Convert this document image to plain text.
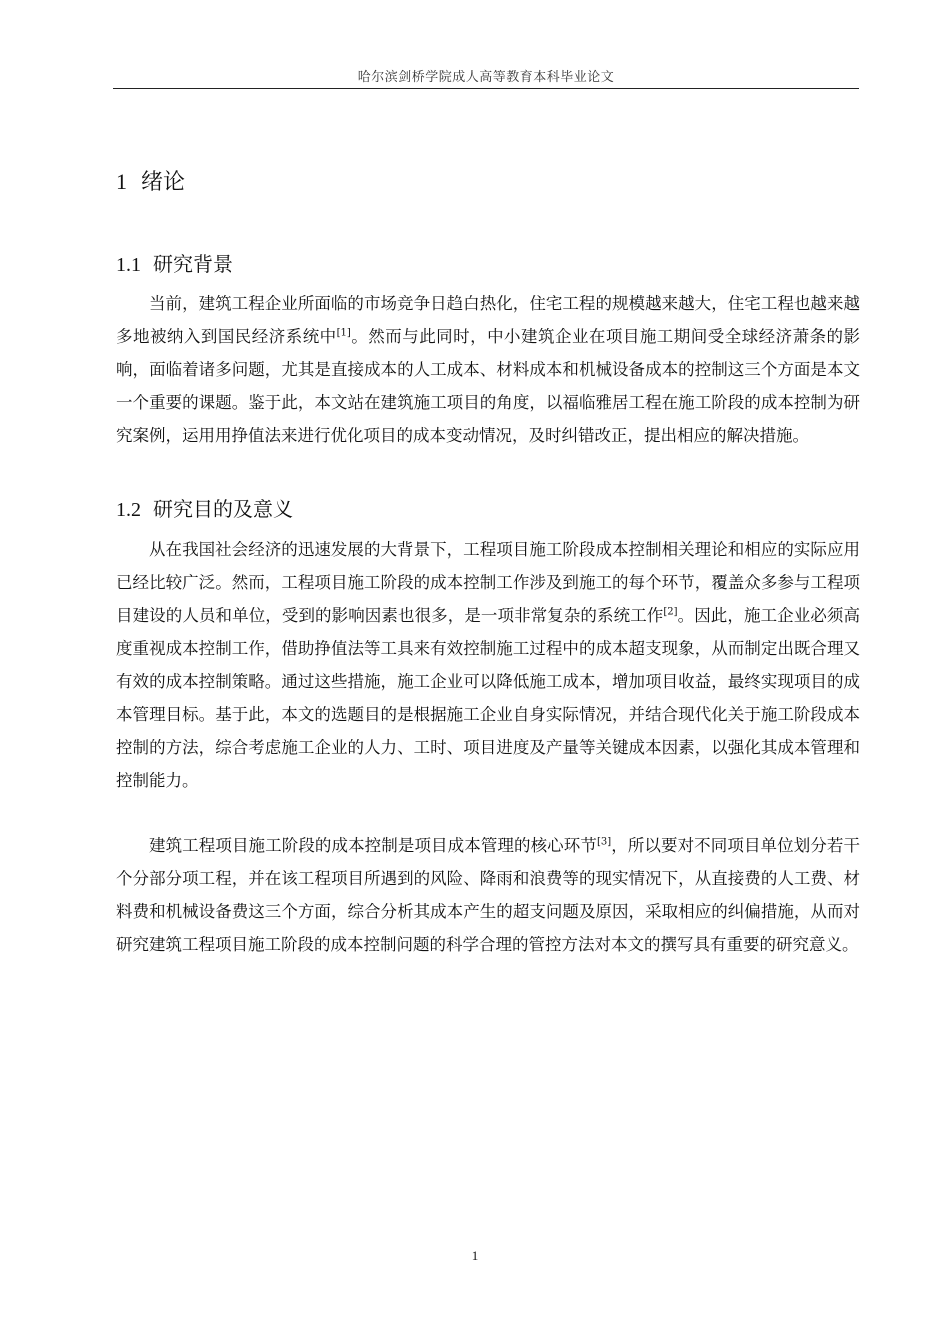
哈尔滨剑桥学院成人高等教育本科毕业论文
1 绪论
1.1 研究背景

当前，建筑工程企业所面临的市场竞争日趋白热化，住宅工程的规模越来越大，住宅工程也越来越多地被纳入到国民经济系统中[1]。然而与此同时，中小建筑企业在项目施工期间受全球经济萧条的影响，面临着诸多问题，尤其是直接成本的人工成本、材料成本和机械设备成本的控制这三个方面是本文一个重要的课题。鉴于此，本文站在建筑施工项目的角度，以福临雅居工程在施工阶段的成本控制为研究案例，运用用挣值法来进行优化项目的成本变动情况，及时纠错改正，提出相应的解决措施。

1.2 研究目的及意义

从在我国社会经济的迅速发展的大背景下，工程项目施工阶段成本控制相关理论和相应的实际应用已经比较广泛。然而，工程项目施工阶段的成本控制工作涉及到施工的每个环节，覆盖众多参与工程项目建设的人员和单位，受到的影响因素也很多，是一项非常复杂的系统工作[2]。因此，施工企业必须高度重视成本控制工作，借助挣值法等工具来有效控制施工过程中的成本超支现象，从而制定出既合理又有效的成本控制策略。通过这些措施，施工企业可以降低施工成本，增加项目收益，最终实现项目的成本管理目标。基于此，本文的选题目的是根据施工企业自身实际情况，并结合现代化关于施工阶段成本控制的方法，综合考虑施工企业的人力、工时、项目进度及产量等关键成本因素，以强化其成本管理和控制能力。

建筑工程项目施工阶段的成本控制是项目成本管理的核心环节[3]，所以要对不同项目单位划分若干个分部分项工程，并在该工程项目所遇到的风险、降雨和浪费等的现实情况下，从直接费的人工费、材料费和机械设备费这三个方面，综合分析其成本产生的超支问题及原因，采取相应的纠偏措施，从而对研究建筑工程项目施工阶段的成本控制问题的科学合理的管控方法对本文的撰写具有重要的研究意义。

1
